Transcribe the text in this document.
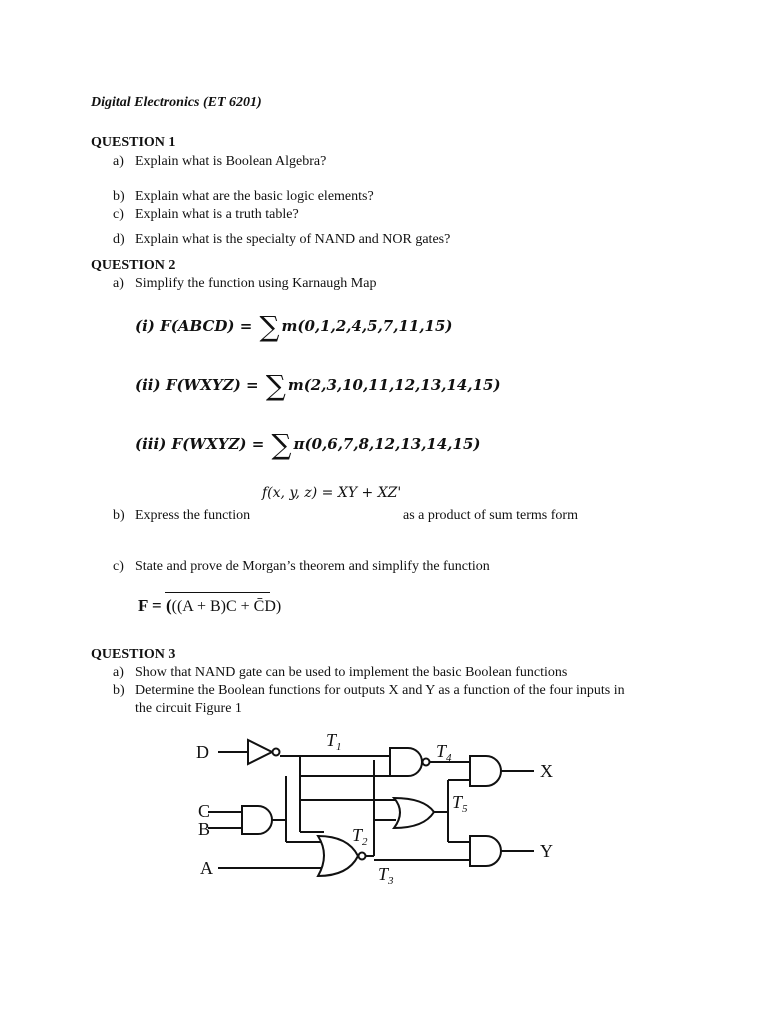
Digital Electronics (ET 6201)
QUESTION 1
a) Explain what is Boolean Algebra?
b) Explain what are the basic logic elements?
c) Explain what is a truth table?
d) Explain what is the specialty of NAND and NOR gates?
QUESTION 2
a) Simplify the function using Karnaugh Map
(i) F(ABCD) = ∑ m(0,1,2,4,5,7,11,15)
(ii) F(WXYZ) = ∑ m(2,3,10,11,12,13,14,15)
(iii) F(WXYZ) = ∑ π(0,6,7,8,12,13,14,15)
f(x, y, z) = XY + XZ'
b) Express the function	as a product of sum terms form
c) State and prove de Morgan’s theorem and simplify the function
F = (((A + B)C + C̄D)
QUESTION 3
a) Show that NAND gate can be used to implement the basic Boolean functions
b) Determine the Boolean functions for outputs X and Y as a function of the four inputs in
the circuit Figure 1
D
C
B
A
X
Y
$T_1$
$T_2$
$T_3$
$T_4$
$T_5$
